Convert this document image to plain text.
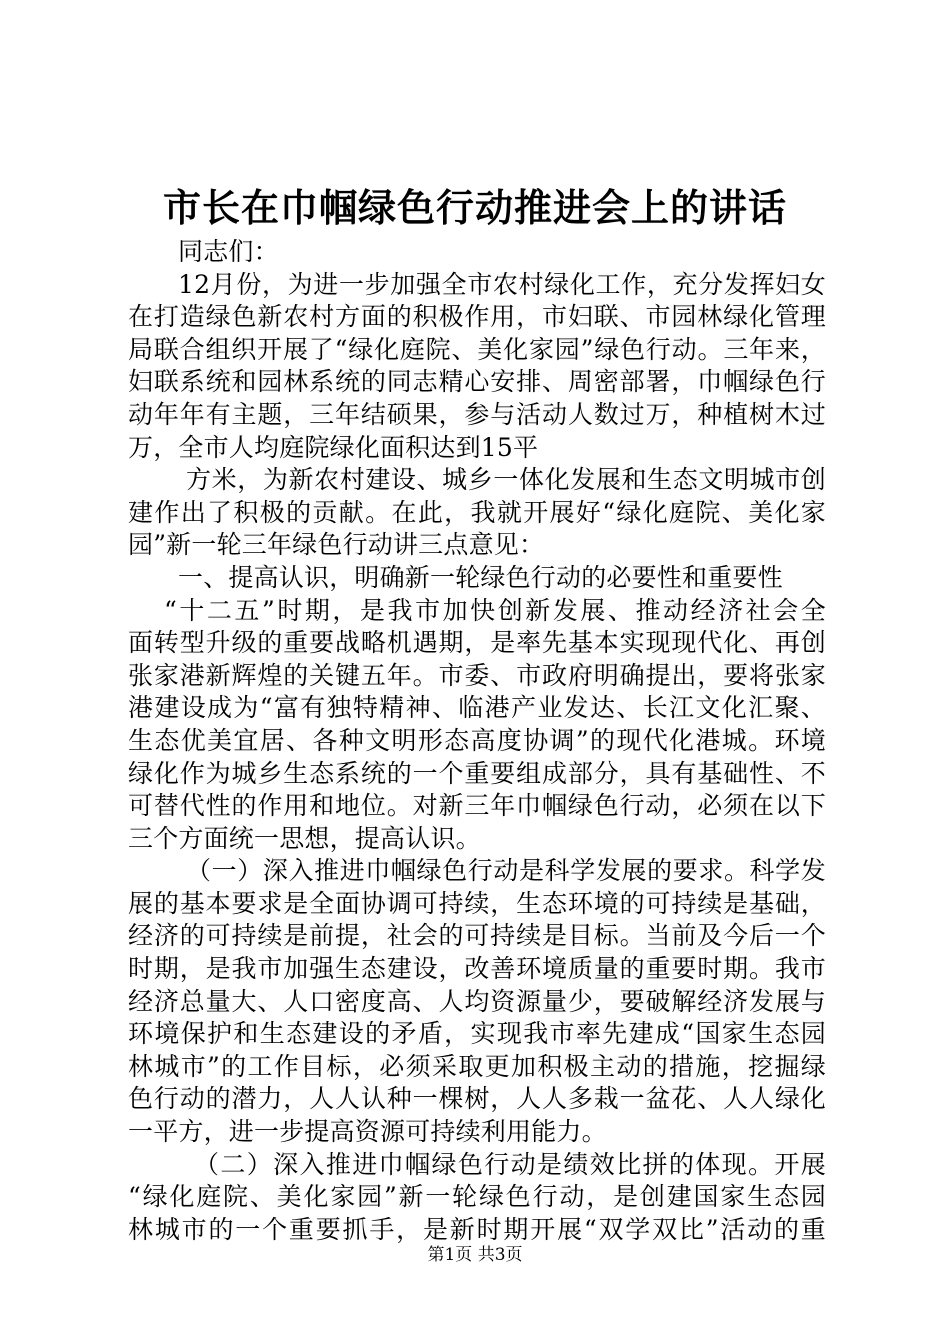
市长在巾帼绿色行动推进会上的讲话
同志们：
12月份，为进一步加强全市农村绿化工作，充分发挥妇女
在打造绿色新农村方面的积极作用，市妇联、市园林绿化管理
局联合组织开展了“绿化庭院、美化家园”绿色行动。三年来，
妇联系统和园林系统的同志精心安排、周密部署，巾帼绿色行
动年年有主题，三年结硕果，参与活动人数过万，种植树木过
万，全市人均庭院绿化面积达到15平
方米，为新农村建设、城乡一体化发展和生态文明城市创
建作出了积极的贡献。在此，我就开展好“绿化庭院、美化家
园”新一轮三年绿色行动讲三点意见：
一、提高认识，明确新一轮绿色行动的必要性和重要性
“十二五”时期，是我市加快创新发展、推动经济社会全
面转型升级的重要战略机遇期，是率先基本实现现代化、再创
张家港新辉煌的关键五年。市委、市政府明确提出，要将张家
港建设成为“富有独特精神、临港产业发达、长江文化汇聚、
生态优美宜居、各种文明形态高度协调”的现代化港城。环境
绿化作为城乡生态系统的一个重要组成部分，具有基础性、不
可替代性的作用和地位。对新三年巾帼绿色行动，必须在以下
三个方面统一思想，提高认识。
（一）深入推进巾帼绿色行动是科学发展的要求。科学发
展的基本要求是全面协调可持续，生态环境的可持续是基础，
经济的可持续是前提，社会的可持续是目标。当前及今后一个
时期，是我市加强生态建设，改善环境质量的重要时期。我市
经济总量大、人口密度高、人均资源量少，要破解经济发展与
环境保护和生态建设的矛盾，实现我市率先建成“国家生态园
林城市”的工作目标，必须采取更加积极主动的措施，挖掘绿
色行动的潜力，人人认种一棵树，人人多栽一盆花、人人绿化
一平方，进一步提高资源可持续利用能力。
（二）深入推进巾帼绿色行动是绩效比拼的体现。开展
“绿化庭院、美化家园”新一轮绿色行动，是创建国家生态园
林城市的一个重要抓手，是新时期开展“双学双比”活动的重
第1页 共3页
